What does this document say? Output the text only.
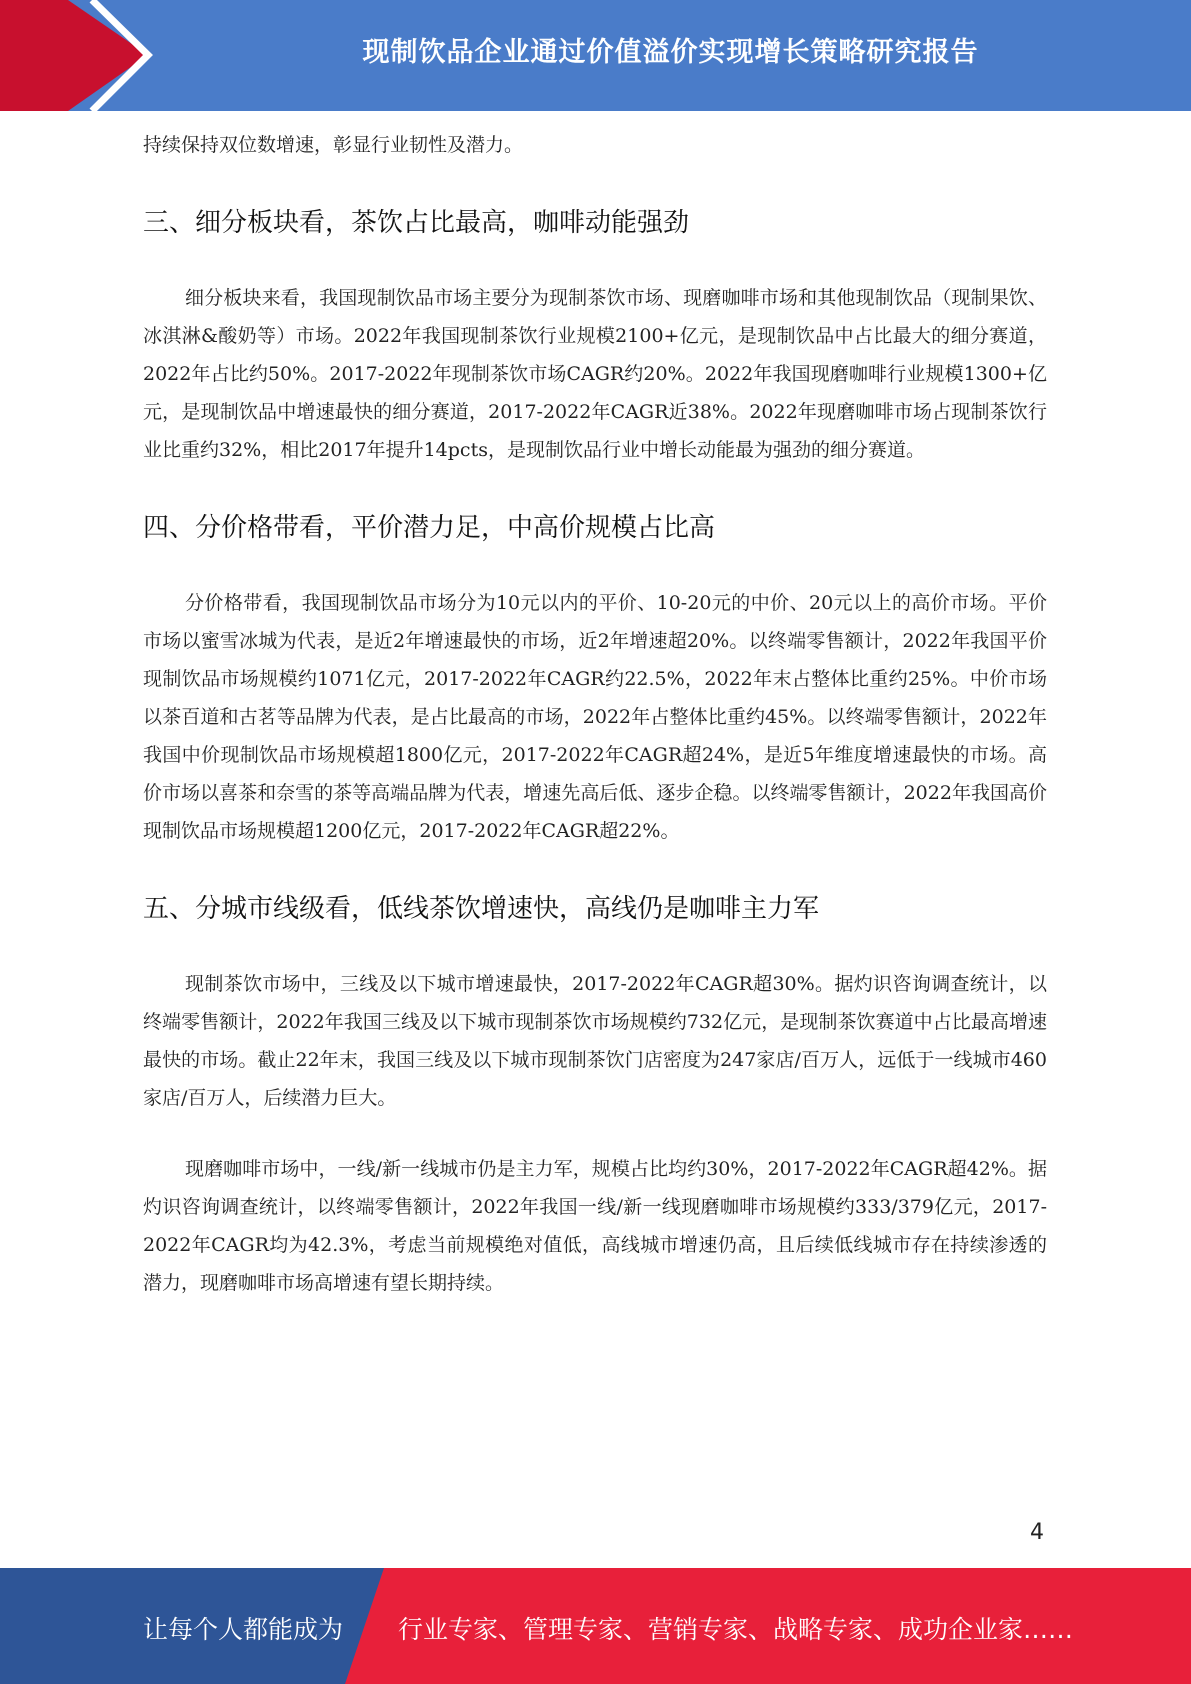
现制饮品企业通过价值溢价实现增长策略研究报告

持续保持双位数增速，彰显行业韧性及潜力。

三、细分板块看，茶饮占比最高，咖啡动能强劲

细分板块来看，我国现制饮品市场主要分为现制茶饮市场、现磨咖啡市场和其他现制饮品（现制果饮、冰淇淋&酸奶等）市场。2022年我国现制茶饮行业规模2100+亿元，是现制饮品中占比最大的细分赛道，2022年占比约50%。2017-2022年现制茶饮市场CAGR约20%。2022年我国现磨咖啡行业规模1300+亿元，是现制饮品中增速最快的细分赛道，2017-2022年CAGR近38%。2022年现磨咖啡市场占现制茶饮行业比重约32%，相比2017年提升14pcts，是现制饮品行业中增长动能最为强劲的细分赛道。

四、分价格带看，平价潜力足，中高价规模占比高

分价格带看，我国现制饮品市场分为10元以内的平价、10-20元的中价、20元以上的高价市场。平价市场以蜜雪冰城为代表，是近2年增速最快的市场，近2年增速超20%。以终端零售额计，2022年我国平价现制饮品市场规模约1071亿元，2017-2022年CAGR约22.5%，2022年末占整体比重约25%。中价市场以茶百道和古茗等品牌为代表，是占比最高的市场，2022年占整体比重约45%。以终端零售额计，2022年我国中价现制饮品市场规模超1800亿元，2017-2022年CAGR超24%，是近5年维度增速最快的市场。高价市场以喜茶和奈雪的茶等高端品牌为代表，增速先高后低、逐步企稳。以终端零售额计，2022年我国高价现制饮品市场规模超1200亿元，2017-2022年CAGR超22%。

五、分城市线级看，低线茶饮增速快，高线仍是咖啡主力军

现制茶饮市场中，三线及以下城市增速最快，2017-2022年CAGR超30%。据灼识咨询调查统计，以终端零售额计，2022年我国三线及以下城市现制茶饮市场规模约732亿元，是现制茶饮赛道中占比最高增速最快的市场。截止22年末，我国三线及以下城市现制茶饮门店密度为247家店/百万人，远低于一线城市460家店/百万人，后续潜力巨大。

现磨咖啡市场中，一线/新一线城市仍是主力军，规模占比均约30%，2017-2022年CAGR超42%。据灼识咨询调查统计，以终端零售额计，2022年我国一线/新一线现磨咖啡市场规模约333/379亿元，2017-2022年CAGR均为42.3%，考虑当前规模绝对值低，高线城市增速仍高，且后续低线城市存在持续渗透的潜力，现磨咖啡市场高增速有望长期持续。

4
让每个人都能成为 行业专家、管理专家、营销专家、战略专家、成功企业家……
